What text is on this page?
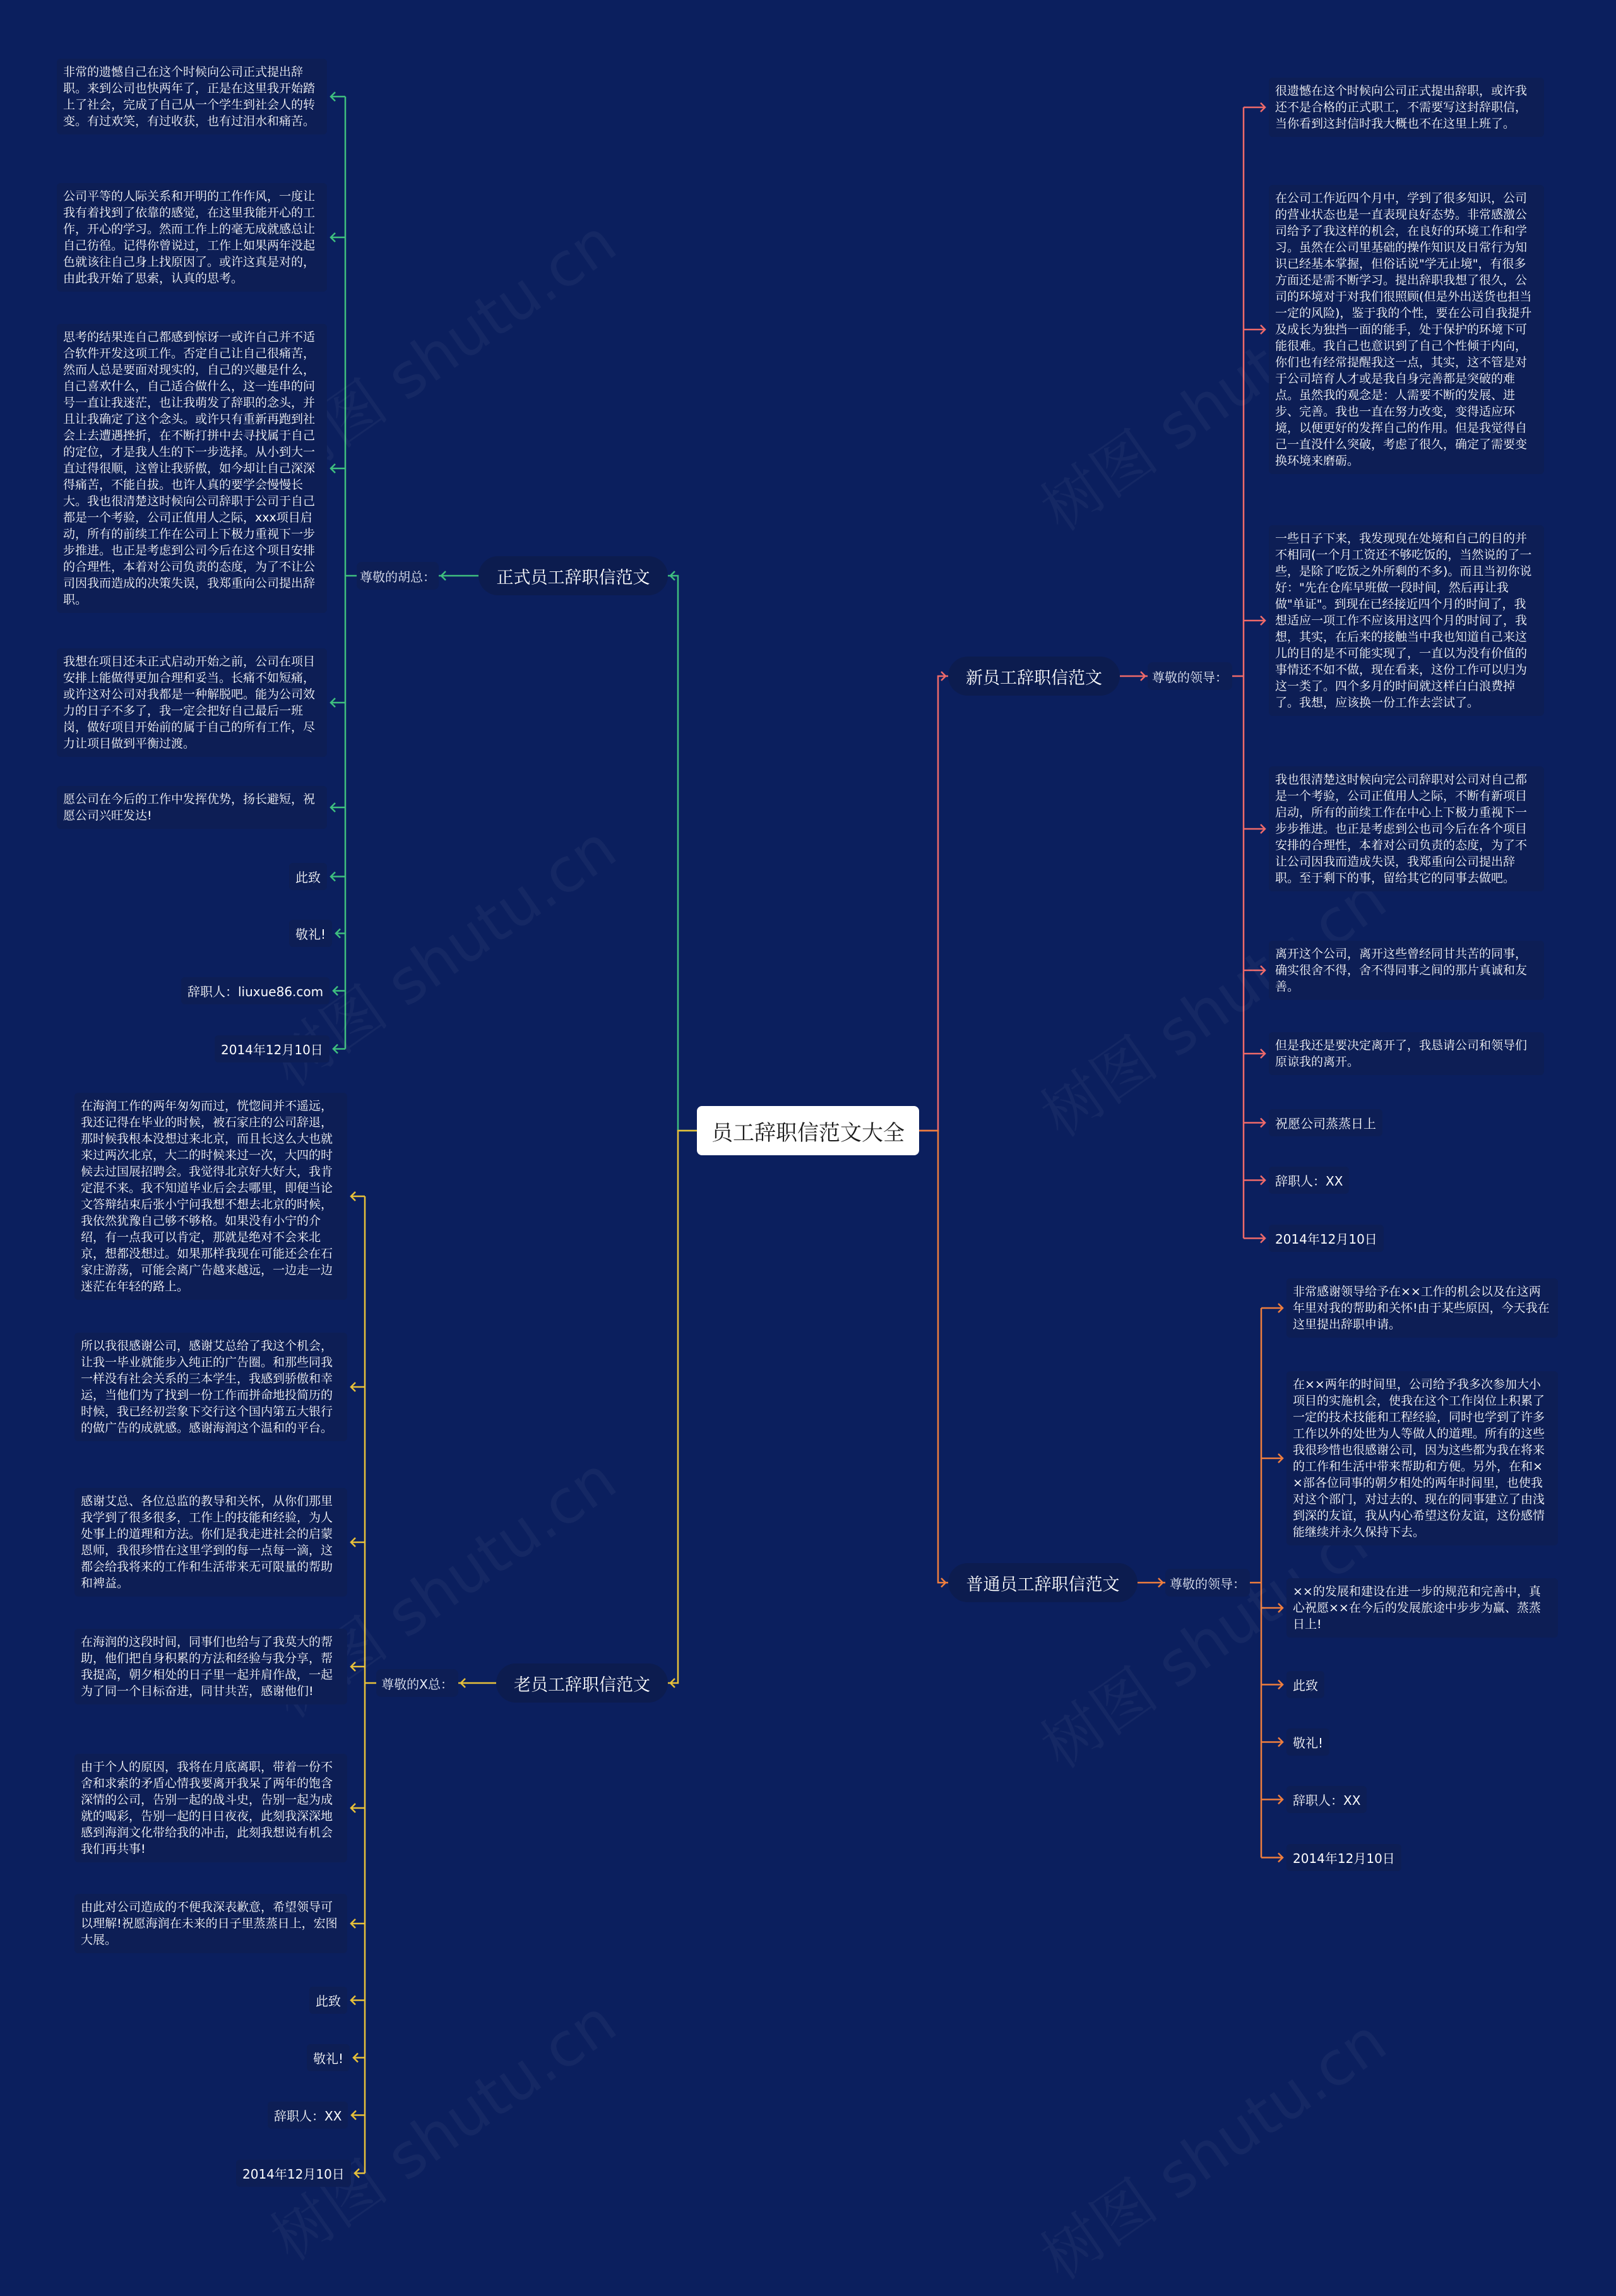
员工辞职信范文大全
正式员工辞职信范文
尊敬的胡总：
非常的遗憾自己在这个时候向公司正式提出辞职。来到公司也快两年了，正是在这里我开始踏上了社会，完成了自己从一个学生到社会人的转变。有过欢笑，有过收获，也有过泪水和痛苦。
公司平等的人际关系和开明的工作作风，一度让我有着找到了依靠的感觉，在这里我能开心的工作，开心的学习。然而工作上的毫无成就感总让自己彷徨。记得你曾说过，工作上如果两年没起色就该往自己身上找原因了。或许这真是对的，由此我开始了思索，认真的思考。
思考的结果连自己都感到惊讶一或许自己并不适合软件开发这项工作。否定自己让自己很痛苦，然而人总是要面对现实的，自己的兴趣是什么，自己喜欢什么，自己适合做什么，这一连串的问号一直让我迷茫，也让我萌发了辞职的念头，并且让我确定了这个念头。或许只有重新再跑到社会上去遭遇挫折，在不断打拼中去寻找属于自己的定位，才是我人生的下一步选择。从小到大一直过得很顺，这曾让我骄傲，如今却让自己深深得痛苦，不能自拔。也许人真的要学会慢慢长大。我也很清楚这时候向公司辞职于公司于自己都是一个考验，公司正值用人之际，xxx项目启动，所有的前续工作在公司上下极力重视下一步步推进。也正是考虑到公司今后在这个项目安排的合理性，本着对公司负责的态度，为了不让公司因我而造成的决策失误，我郑重向公司提出辞职。
我想在项目还未正式启动开始之前，公司在项目安排上能做得更加合理和妥当。长痛不如短痛，或许这对公司对我都是一种解脱吧。能为公司效力的日子不多了，我一定会把好自己最后一班岗，做好项目开始前的属于自己的所有工作，尽力让项目做到平衡过渡。
愿公司在今后的工作中发挥优势，扬长避短，祝愿公司兴旺发达!
此致
敬礼!
辞职人：liuxue86.com
2014年12月10日
老员工辞职信范文
尊敬的X总：
在海润工作的两年匆匆而过，恍惚间并不遥远，我还记得在毕业的时候，被石家庄的公司辞退，那时候我根本没想过来北京，而且长这么大也就来过两次北京，大二的时候来过一次，大四的时候去过国展招聘会。我觉得北京好大好大，我肯定混不来。我不知道毕业后会去哪里，即便当论文答辩结束后张小宁问我想不想去北京的时候，我依然犹豫自己够不够格。如果没有小宁的介绍，有一点我可以肯定，那就是绝对不会来北京，想都没想过。如果那样我现在可能还会在石家庄游荡，可能会离广告越来越远，一边走一边迷茫在年轻的路上。
所以我很感谢公司，感谢艾总给了我这个机会，让我一毕业就能步入纯正的广告圈。和那些同我一样没有社会关系的三本学生，我感到骄傲和幸运，当他们为了找到一份工作而拼命地投简历的时候，我已经初尝象下交行这个国内第五大银行的做广告的成就感。感谢海润这个温和的平台。
感谢艾总、各位总监的教导和关怀，从你们那里我学到了很多很多，工作上的技能和经验，为人处事上的道理和方法。你们是我走进社会的启蒙恩师，我很珍惜在这里学到的每一点每一滴，这都会给我将来的工作和生活带来无可限量的帮助和裨益。
在海润的这段时间，同事们也给与了我莫大的帮助，他们把自身积累的方法和经验与我分享，帮我提高，朝夕相处的日子里一起并肩作战，一起为了同一个目标奋进，同甘共苦，感谢他们!
由于个人的原因，我将在月底离职，带着一份不舍和求索的矛盾心情我要离开我呆了两年的饱含深情的公司，告别一起的战斗史，告别一起为成就的喝彩，告别一起的日日夜夜，此刻我深深地感到海润文化带给我的冲击，此刻我想说有机会我们再共事!
由此对公司造成的不便我深表歉意，希望领导可以理解!祝愿海润在未来的日子里蒸蒸日上，宏图大展。
此致
敬礼!
辞职人：XX
2014年12月10日
新员工辞职信范文	尊敬的领导：
很遗憾在这个时候向公司正式提出辞职，或许我还不是合格的正式职工，不需要写这封辞职信，当你看到这封信时我大概也不在这里上班了。
在公司工作近四个月中，学到了很多知识，公司的营业状态也是一直表现良好态势。非常感激公司给予了我这样的机会，在良好的环境工作和学习。虽然在公司里基础的操作知识及日常行为知识已经基本掌握，但俗话说"学无止境"，有很多方面还是需不断学习。提出辞职我想了很久，公司的环境对于对我们很照顾(但是外出送货也担当一定的风险)，鉴于我的个性，要在公司自我提升及成长为独挡一面的能手，处于保护的环境下可能很难。我自己也意识到了自己个性倾于内向，你们也有经常提醒我这一点，其实，这不管是对于公司培育人才或是我自身完善都是突破的难点。虽然我的观念是：人需要不断的发展、进步、完善。我也一直在努力改变，变得适应环境，以便更好的发挥自己的作用。但是我觉得自己一直没什么突破，考虑了很久，确定了需要变换环境来磨砺。
一些日子下来，我发现现在处境和自己的目的并不相同(一个月工资还不够吃饭的，当然说的了一些，是除了吃饭之外所剩的不多)。而且当初你说好："先在仓库早班做一段时间，然后再让我做"单证"。到现在已经接近四个月的时间了，我想适应一项工作不应该用这四个月的时间了，我想，其实，在后来的接触当中我也知道自己来这儿的目的是不可能实现了，一直以为没有价值的事情还不如不做，现在看来，这份工作可以归为这一类了。四个多月的时间就这样白白浪费掉了。我想，应该换一份工作去尝试了。
我也很清楚这时候向完公司辞职对公司对自己都是一个考验，公司正值用人之际，不断有新项目启动，所有的前续工作在中心上下极力重视下一步步推进。也正是考虑到公也司今后在各个项目安排的合理性，本着对公司负责的态度，为了不让公司因我而造成失误，我郑重向公司提出辞职。至于剩下的事，留给其它的同事去做吧。
离开这个公司，离开这些曾经同甘共苦的同事，确实很舍不得，舍不得同事之间的那片真诚和友善。
但是我还是要决定离开了，我恳请公司和领导们原谅我的离开。
祝愿公司蒸蒸日上
辞职人：XX
2014年12月10日
普通员工辞职信范文	尊敬的领导：
非常感谢领导给予在××工作的机会以及在这两年里对我的帮助和关怀!由于某些原因，今天我在这里提出辞职申请。
在××两年的时间里，公司给予我多次参加大小项目的实施机会，使我在这个工作岗位上积累了一定的技术技能和工程经验，同时也学到了许多工作以外的处世为人等做人的道理。所有的这些我很珍惜也很感谢公司，因为这些都为我在将来的工作和生活中带来帮助和方便。另外，在和××部各位同事的朝夕相处的两年时间里，也使我对这个部门，对过去的、现在的同事建立了由浅到深的友谊，我从内心希望这份友谊，这份感情能继续并永久保持下去。
××的发展和建设在进一步的规范和完善中，真心祝愿××在今后的发展旅途中步步为赢、蒸蒸日上!
此致
敬礼!
辞职人：XX
2014年12月10日
